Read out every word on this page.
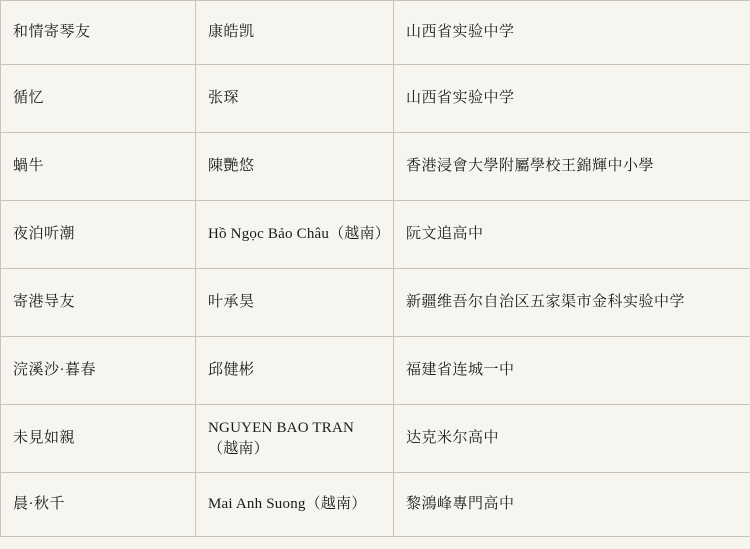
和情寄琴友	康皓凯	山西省实验中学
循忆	张琛	山西省实验中学
蝸牛	陳艷悠	香港浸會大學附屬學校王錦輝中小學
夜泊听潮	Hồ Ngọc Bảo Châu（越南）	阮文追高中
寄港导友	叶承昊	新疆维吾尔自治区五家渠市金科实验中学
浣溪沙·暮春	邱健彬	福建省连城一中
未見如親	NGUYEN BAO TRAN（越南）	达克米尔高中
晨·秋千	Mai Anh Suong（越南）	黎鴻峰專門高中
